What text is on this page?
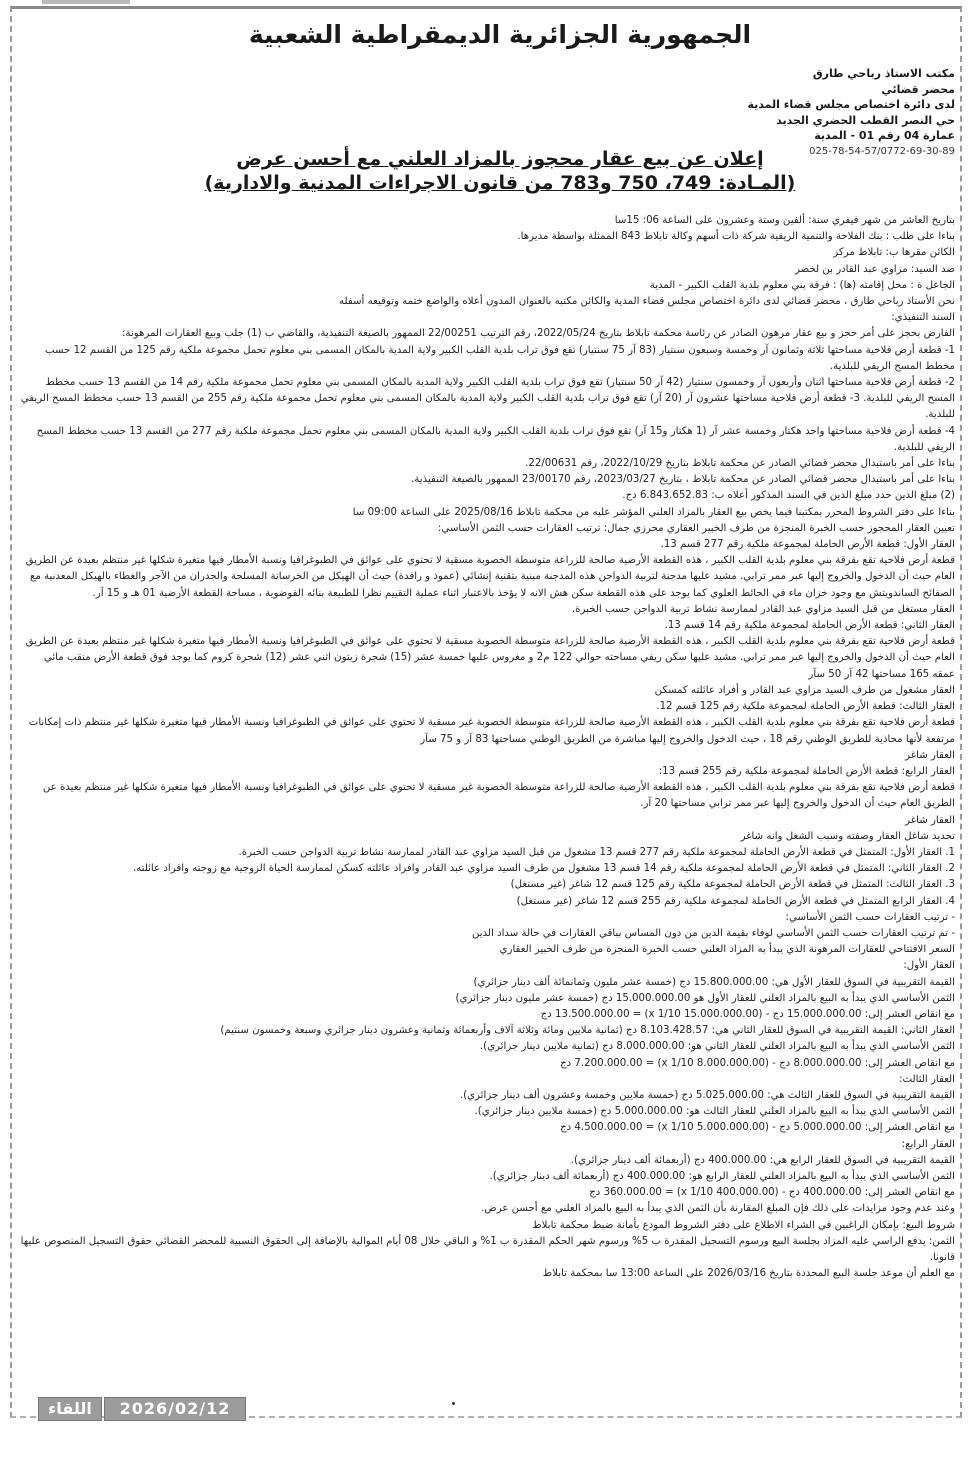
الجمهورية الجزائرية الديمقراطية الشعبية
مكتب الاستاذ رباحي طارق
محضر قضائي
لدى دائرة اختصاص مجلس قضاء المدية
حي النصر القطب الحضري الجديد
عمارة 04 رقم 01 - المدية
025-78-54-57/0772-69-30-89
إعلان عن بيع عقار محجوز بالمزاد العلني مع أحسن عرض
(المـادة: 749، 750 و783 من قانون الاجراءات المدنية والادارية)

بتاريخ العاشر من شهر فيفري سنة: ألفين وستة وعشرون على الساعة 06: 15سا

بناءا على طلب : بنك الفلاحة والتنمية الريفية شركة ذات أسهم وكالة تابلاط 843 الممثلة بواسطة مديرها.

الكائن مقرها ب: تابلاط مركز

ضد السيد: مزاوي عبد القادر بن لخضر

الجاعل ة : محل إقامته (ها) : فرقة بني معلوم بلدية القلب الكبير - المدية

نحن الأستاذ رباحي طارق ، محضر قضائي لدى دائرة اختصاص مجلس قضاء المدية والكائن مكتبه بالعنوان المدون أعلاه والواضع ختمه وتوقيعه أسفله

السند التنفيذي:

الفارض بحجز على أمر حجز و بيع عقار مرهون الصادر عن رئاسة محكمة تابلاط بتاريخ 2022/05/24، رقم الترتيب 22/00251 الممهور بالصيغة التنفيذية، والقاضي ب (1) جلب وبيع العقارات المرهونة:

1- قطعة أرض فلاحية مساحتها ثلاثة وثمانون آر وخمسة وسبعون سنتيار (83 آر 75 سنتيار) تقع فوق تراب بلدية القلب الكبير ولاية المدية بالمكان المسمى بني معلوم تحمل مجموعة ملكية رقم 125 من القسم 12 حسب مخطط المسح الريفي للبلدية.

2- قطعة أرض فلاحية مساحتها اثنان وأربعون آر وخمسون سنتيار (42 آر 50 سنتيار) تقع فوق تراب بلدية القلب الكبير ولاية المدية بالمكان المسمى بني معلوم تحمل مجموعة ملكية رقم 14 من القسم 13 حسب مخطط المسح الريفي للبلدية. 3- قطعة أرض فلاحية مساحتها عشرون آر (20 آر) تقع فوق تراب بلدية القلب الكبير ولاية المدية بالمكان المسمى بني معلوم تحمل مجموعة ملكية رقم 255 من القسم 13 حسب مخطط المسح الريفي للبلدية.

4- قطعة أرض فلاحية مساحتها واحد هكتار وخمسة عشر آر (1 هكتار و15 آر) تقع فوق تراب بلدية القلب الكبير ولاية المدية بالمكان المسمى بني معلوم تحمل مجموعة ملكية رقم 277 من القسم 13 حسب مخطط المسح الريفي للبلدية.

بناءا على أمر باستبدال محضر قضائي الصادر عن محكمة تابلاط بتاريخ 2022/10/29، رقم 22/00631.

بناءا على أمر باستبدال محضر قضائي الصادر عن محكمة تابلاط ، بتاريخ 2023/03/27، رقم 23/00170 الممهور بالصيغة التنفيذية.

(2) مبلغ الدين حدد مبلغ الدين في السند المذكور أعلاه ب: 6.843.652.83 دج.

بناءا على دفتر الشروط المحرر بمكتبنا فيما يخص بيع العقار بالمزاد العلني المؤشر عليه من محكمة تابلاط 2025/08/16 على الساعة 09:00 سا

تعيين العقار المحجوز حسب الخبرة المنجزة من طرف الخبير العقاري محرزي جمال: ترتيب العقارات حسب الثمن الأساسي:

العقار الأول: قطعة الأرض الحاملة لمجموعة ملكية رقم 277 قسم 13.

قطعة أرض فلاحية تقع بفرقة بني معلوم بلدية القلب الكبير ، هذه القطعة الأرضية صالحة للزراعة متوسطة الخصوبة مسقية لا تحتوي على عوائق في الطبوغرافيا ونسبة الأمطار فيها متغيرة شكلها غير منتظم بعيدة عن الطريق العام حيث أن الدخول والخروج إليها عبر ممر ترابي. مشيد عليها مدجنة لتربية الدواجن هذه المدجنة مبنية بتقنية إنشائي (عمود و رافدة) حيث أن الهيكل من الخرسانة المسلحة والجدران من الآجر والغطاء بالهيكل المعدنية مع الصفائح الساندويتش مع وجود خزان ماء في الحائط العلوي كما يوجد على هذه القطعة سكن هش الانه لا يؤخذ بالاعتبار اثناء عملية التقييم نظرا للطبيعة بنائه الفوضوية ، مساحة القطعة الأرضية 01 هـ و 15 آر.

العقار مستغل من قبل السيد مزاوي عبد القادر لممارسة نشاط تربية الدواجن حسب الخبرة.

العقار الثاني: قطعة الأرض الحاملة لمجموعة ملكية رقم 14 قسم 13.

قطعة أرض فلاحية تقع بفرقة بني معلوم بلدية القلب الكبير ، هذه القطعة الأرضية صالحة للزراعة متوسطة الخصوبة مسقية لا تحتوي على عوائق في الطبوغرافيا ونسبة الأمطار فيها متغيرة شكلها غير منتظم بعيدة عن الطريق العام حيث أن الدخول والخروج إليها عبر ممر ترابي. مشيد عليها سكن ريفي مساحته حوالي 122 م2 و مغروس عليها خمسة عشر (15) شجرة زيتون اثني عشر (12) شجرة كروم كما يوجد فوق قطعة الأرض منقب مائي عمقه 165 مساحتها 42 آر 50 سآر

العقار مشغول من طرف السيد مزاوي عبد القادر و أفراد عائلته كمسكن

العقار الثالث: قطعة الأرض الحاملة لمجموعة ملكية رقم 125 قسم 12.

قطعة أرض فلاحية تقع بفرقة بني معلوم بلدية القلب الكبير ، هذه القطعة الأرضية صالحة للزراعة متوسطة الخصوبة غير مسقية لا تحتوي على عوائق في الطبوغرافيا ونسبة الأمطار فيها متغيرة شكلها غير منتظم ذات إمكانات مرتفعة لأنها محاذية للطريق الوطني رقم 18 ، حيث الدخول والخروج إليها مباشرة من الطريق الوطني مساحتها 83 آر و 75 سآر

العقار شاغر

العقار الرابع: قطعة الأرض الحاملة لمجموعة ملكية رقم 255 قسم 13:

قطعة أرض فلاحية تقع بفرقة بني معلوم بلدية القلب الكبير ، هذه القطعة الأرضية صالحة للزراعة متوسطة الخصوبة غير مسقية لا تحتوي على عوائق في الطبوغرافيا ونسبة الأمطار فيها متغيرة شكلها غير منتظم بعيدة عن الطريق العام حيث أن الدخول والخروج إليها عبر ممر ترابي مساحتها 20 آر.

العقار شاغر

تحديد شاغل العقار وصفته وسبب الشغل وانه شاغر

1. العقار الأول: المتمثل في قطعة الأرض الحاملة لمجموعة ملكية رقم 277 قسم 13 مشغول من قبل السيد مزاوي عبد القادر لممارسة نشاط تربية الدواجن حسب الخبرة.

2. العقار الثاني: المتمثل في قطعة الأرض الحاملة لمجموعة ملكية رقم 14 قسم 13 مشغول من طرف السيد مزاوي عبد القادر وافراد عائلته كسكن لممارسة الحياة الزوجية مع زوجته وافراد عائلته.

3. العقار الثالث: المتمثل في قطعة الأرض الحاملة لمجموعة ملكية رقم 125 قسم 12 شاغر (غير مستغل)

4. العقار الرابع المتمثل في قطعة الأرض الحاملة لمجموعة ملكية رقم 255 قسم 12 شاغر (غير مستغل)

- ترتيب العقارات حسب الثمن الأساسي:

- تم ترتيب العقارات حسب الثمن الأساسي لوفاء بقيمة الدين من دون المساس بباقي العقارات في حالة سداد الدين

السعر الافتتاحي للعقارات المرهونة الذي يبدأ به المزاد العلني حسب الخبرة المنجزة من طرف الخبير العقاري

العقار الأول:

القيمة التقريبية في السوق للعقار الأول هي: 15.800.000.00 دج (خمسة عشر مليون وثمانمائة ألف دينار جزائري)

الثمن الأساسي الذي يبدأ به البيع بالمزاد العلني للعقار الأول هو 15.000.000.00 دج (خمسة عشر مليون دينار جزائري)

مع انقاص العشر إلى: 15.000.000.00 دج - (15.000.000.00 x 1/10) = 13.500.000.00 دج

العقار الثاني: القيمة التقريبية في السوق للعقار الثاني هي: 8.103.428.57 دج (ثمانية ملايين ومائة وثلاثة آلاف وأربعمائة وثمانية وعشرون دينار جزائري وسبعة وخمسون سنتيم)

الثمن الأساسي الذي يبدأ به البيع بالمزاد العلني للعقار الثاني هو: 8.000.000.00 دج (ثمانية ملايين دينار جزائري).

مع انقاص العشر إلى: 8.000.000.00 دج - (8.000.000.00 x 1/10) = 7.200.000.00 دج

العقار الثالث:

القيمة التقريبية في السوق للعقار الثالث هي: 5.025.000.00 دج (خمسة ملايين وخمسة وعشرون ألف دينار جزائري).

الثمن الأساسي الذي يبدأ به البيع بالمزاد العلني للعقار الثالث هو: 5.000.000.00 دج (خمسة ملايين دينار جزائري).

مع انقاص العشر إلى: 5.000.000.00 دج - (5.000.000.00 x 1/10) = 4.500.000.00 دج

العقار الرابع:

القيمة التقريبية في السوق للعقار الرابع هي: 400.000.00 دج (أربعمائة ألف دينار جزائري).

الثمن الأساسي الذي يبدأ به البيع بالمزاد العلني للعقار الرابع هو: 400.000.00 دج (أربعمائة ألف دينار جزائري).

مع انقاص العشر إلى: 400.000.00 دج - (400.000.00 x 1/10) = 360.000.00 دج

وعند عدم وجود مزايدات على ذلك فإن المبلغ المقارنة بأن الثمن الذي يبدأ به البيع بالمزاد العلني مع أحسن عرض.

شروط البيع: بإمكان الراغبين في الشراء الاطلاع على دفتر الشروط المودع بأمانة ضبط محكمة تابلاط

الثمن: يدفع الراسي عليه المزاد بجلسة البيع ورسوم التسجيل المقدرة ب 5% ورسوم شهر الحكم المقدرة ب 1% و الباقي خلال 08 أيام الموالية بالإضافة إلى الحقوق النسبية للمحضر القضائي حقوق التسجيل المنصوص عليها قانونا.

مع العلم أن موعد جلسة البيع المحددة بتاريخ 2026/03/16 على الساعة 13:00 سا بمحكمة تابلاط

اللقاء	2026/02/12
